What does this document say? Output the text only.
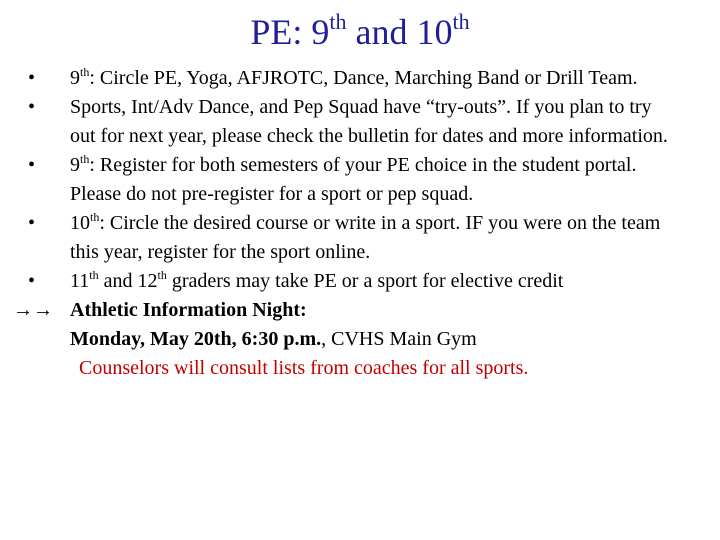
PE: 9th and 10th
• 9th: Circle PE, Yoga, AFJROTC, Dance, Marching Band or Drill Team.
• Sports, Int/Adv Dance, and Pep Squad have “try-outs”. If you plan to try out for next year, please check the bulletin for dates and more information.
• 9th: Register for both semesters of your PE choice in the student portal. Please do not pre-register for a sport or pep squad.
• 10th: Circle the desired course or write in a sport. IF you were on the team this year, register for the sport online.
• 11th and 12th graders may take PE or a sport for elective credit
→→ Athletic Information Night:
Monday, May 20th, 6:30 p.m., CVHS Main Gym
Counselors will consult lists from coaches for all sports.
